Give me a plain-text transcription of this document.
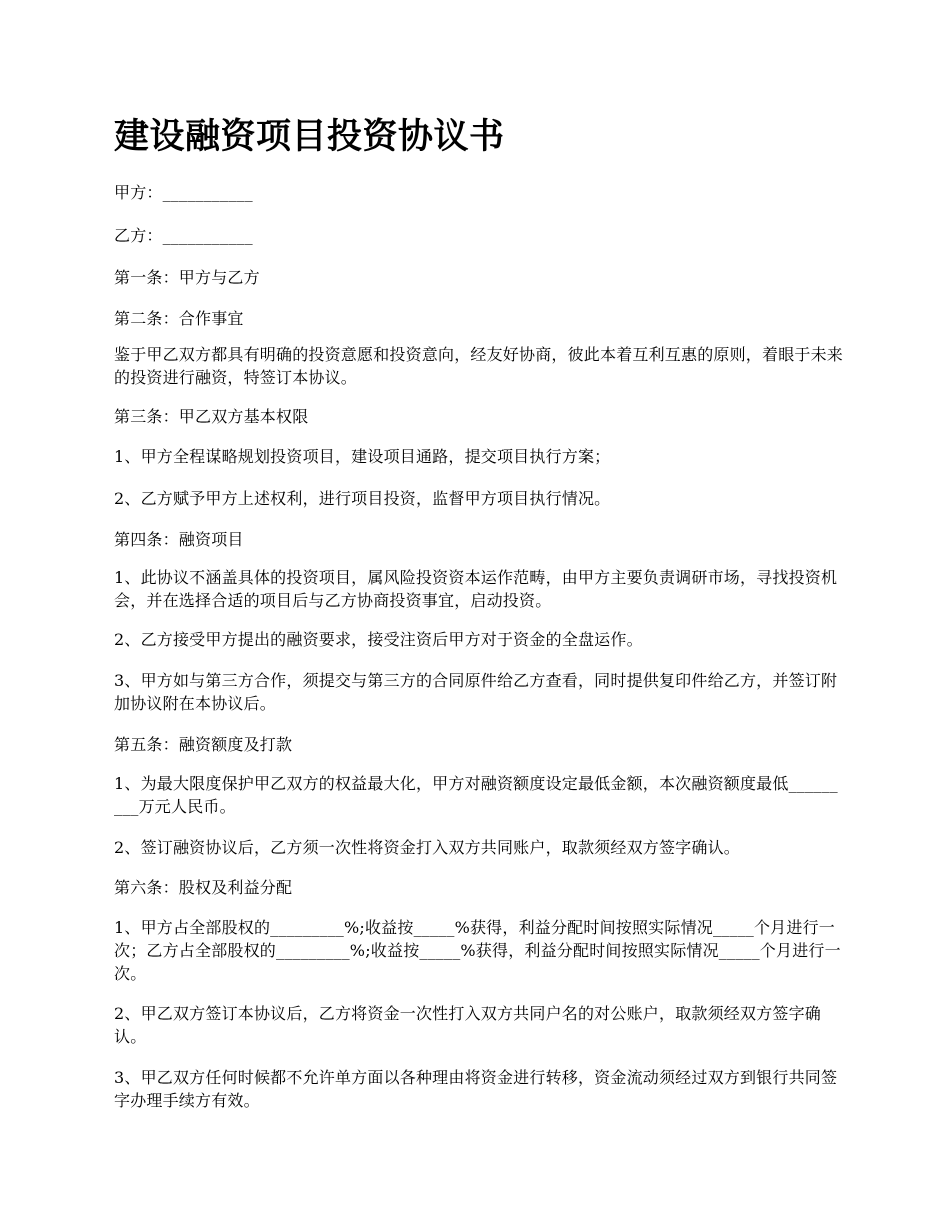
建设融资项目投资协议书

甲方：___________

乙方：___________

第一条：甲方与乙方

第二条：合作事宜

鉴于甲乙双方都具有明确的投资意愿和投资意向，经友好协商，彼此本着互利互惠的原则，着眼于未来的投资进行融资，特签订本协议。

第三条：甲乙双方基本权限

1、甲方全程谋略规划投资项目，建设项目通路，提交项目执行方案；

2、乙方赋予甲方上述权利，进行项目投资，监督甲方项目执行情况。

第四条：融资项目

1、此协议不涵盖具体的投资项目，属风险投资资本运作范畴，由甲方主要负责调研市场，寻找投资机会，并在选择合适的项目后与乙方协商投资事宜，启动投资。

2、乙方接受甲方提出的融资要求，接受注资后甲方对于资金的全盘运作。

3、甲方如与第三方合作，须提交与第三方的合同原件给乙方查看，同时提供复印件给乙方，并签订附加协议附在本协议后。

第五条：融资额度及打款

1、为最大限度保护甲乙双方的权益最大化，甲方对融资额度设定最低金额，本次融资额度最低_________万元人民币。

2、签订融资协议后，乙方须一次性将资金打入双方共同账户，取款须经双方签字确认。

第六条：股权及利益分配

1、甲方占全部股权的_________%;收益按_____%获得，利益分配时间按照实际情况_____个月进行一次；乙方占全部股权的_________%;收益按_____%获得，利益分配时间按照实际情况_____个月进行一次。

2、甲乙双方签订本协议后，乙方将资金一次性打入双方共同户名的对公账户，取款须经双方签字确认。

3、甲乙双方任何时候都不允许单方面以各种理由将资金进行转移，资金流动须经过双方到银行共同签字办理手续方有效。
